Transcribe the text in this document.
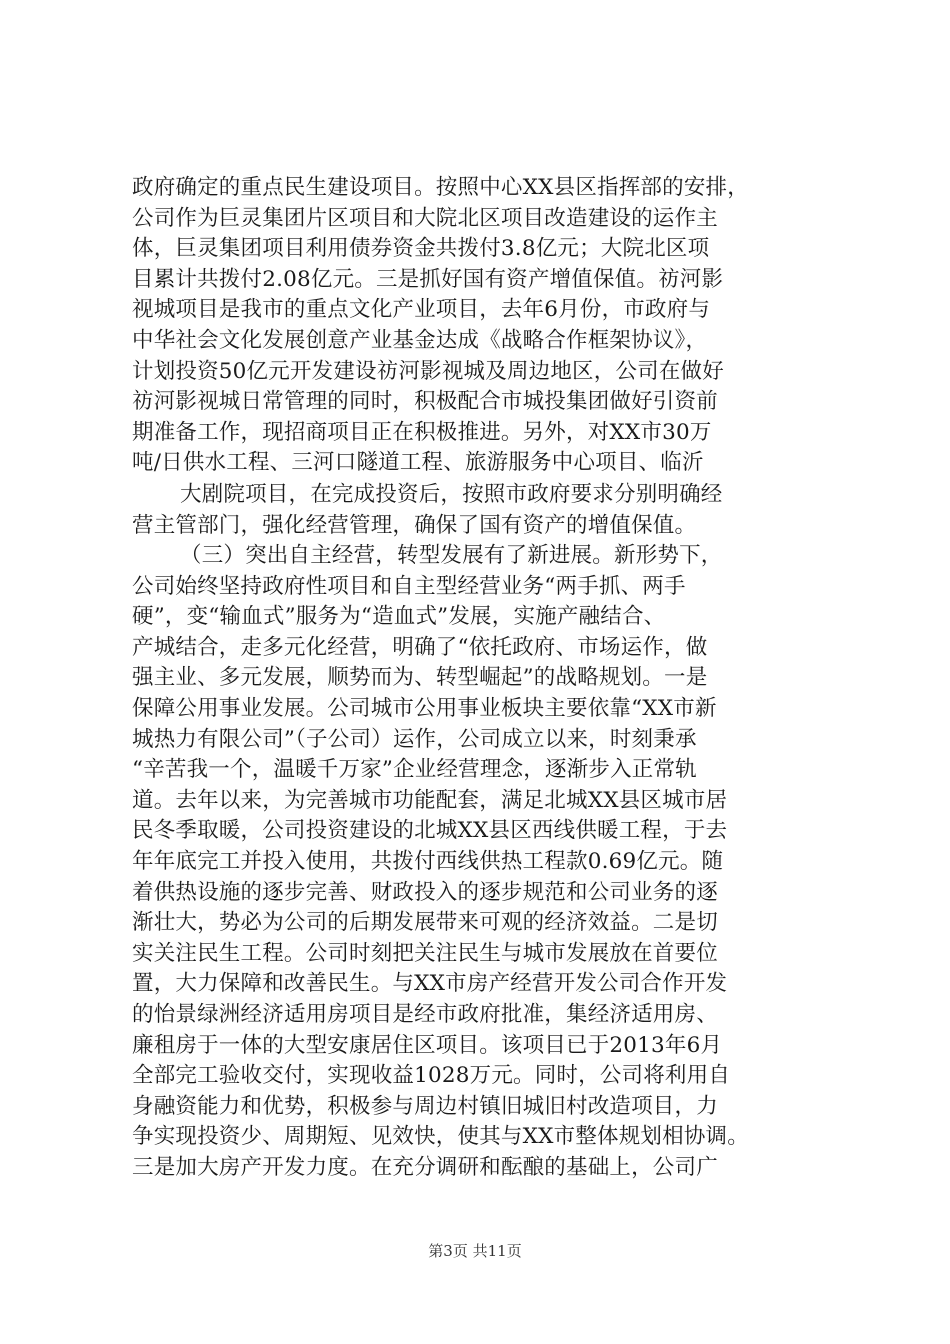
政府确定的重点民生建设项目。按照中心XX县区指挥部的安排，
公司作为巨灵集团片区项目和大院北区项目改造建设的运作主
体，巨灵集团项目利用债券资金共拨付3.8亿元；大院北区项
目累计共拨付2.08亿元。三是抓好国有资产增值保值。祊河影
视城项目是我市的重点文化产业项目，去年6月份，市政府与
中华社会文化发展创意产业基金达成《战略合作框架协议》，
计划投资50亿元开发建设祊河影视城及周边地区，公司在做好
祊河影视城日常管理的同时，积极配合市城投集团做好引资前
期准备工作，现招商项目正在积极推进。另外，对XX市30万
吨/日供水工程、三河口隧道工程、旅游服务中心项目、临沂
大剧院项目，在完成投资后，按照市政府要求分别明确经
营主管部门，强化经营管理，确保了国有资产的增值保值。
（三）突出自主经营，转型发展有了新进展。新形势下，
公司始终坚持政府性项目和自主型经营业务“两手抓、两手
硬”，变“输血式”服务为“造血式”发展，实施产融结合、
产城结合，走多元化经营，明确了“依托政府、市场运作，做
强主业、多元发展，顺势而为、转型崛起”的战略规划。一是
保障公用事业发展。公司城市公用事业板块主要依靠“XX市新
城热力有限公司”（子公司）运作，公司成立以来，时刻秉承
“辛苦我一个，温暖千万家”企业经营理念，逐渐步入正常轨
道。去年以来，为完善城市功能配套，满足北城XX县区城市居
民冬季取暖，公司投资建设的北城XX县区西线供暖工程，于去
年年底完工并投入使用，共拨付西线供热工程款0.69亿元。随
着供热设施的逐步完善、财政投入的逐步规范和公司业务的逐
渐壮大，势必为公司的后期发展带来可观的经济效益。二是切
实关注民生工程。公司时刻把关注民生与城市发展放在首要位
置，大力保障和改善民生。与XX市房产经营开发公司合作开发
的怡景绿洲经济适用房项目是经市政府批准，集经济适用房、
廉租房于一体的大型安康居住区项目。该项目已于2013年6月
全部完工验收交付，实现收益1028万元。同时，公司将利用自
身融资能力和优势，积极参与周边村镇旧城旧村改造项目，力
争实现投资少、周期短、见效快，使其与XX市整体规划相协调。
三是加大房产开发力度。在充分调研和酝酿的基础上，公司广
第3页 共11页
